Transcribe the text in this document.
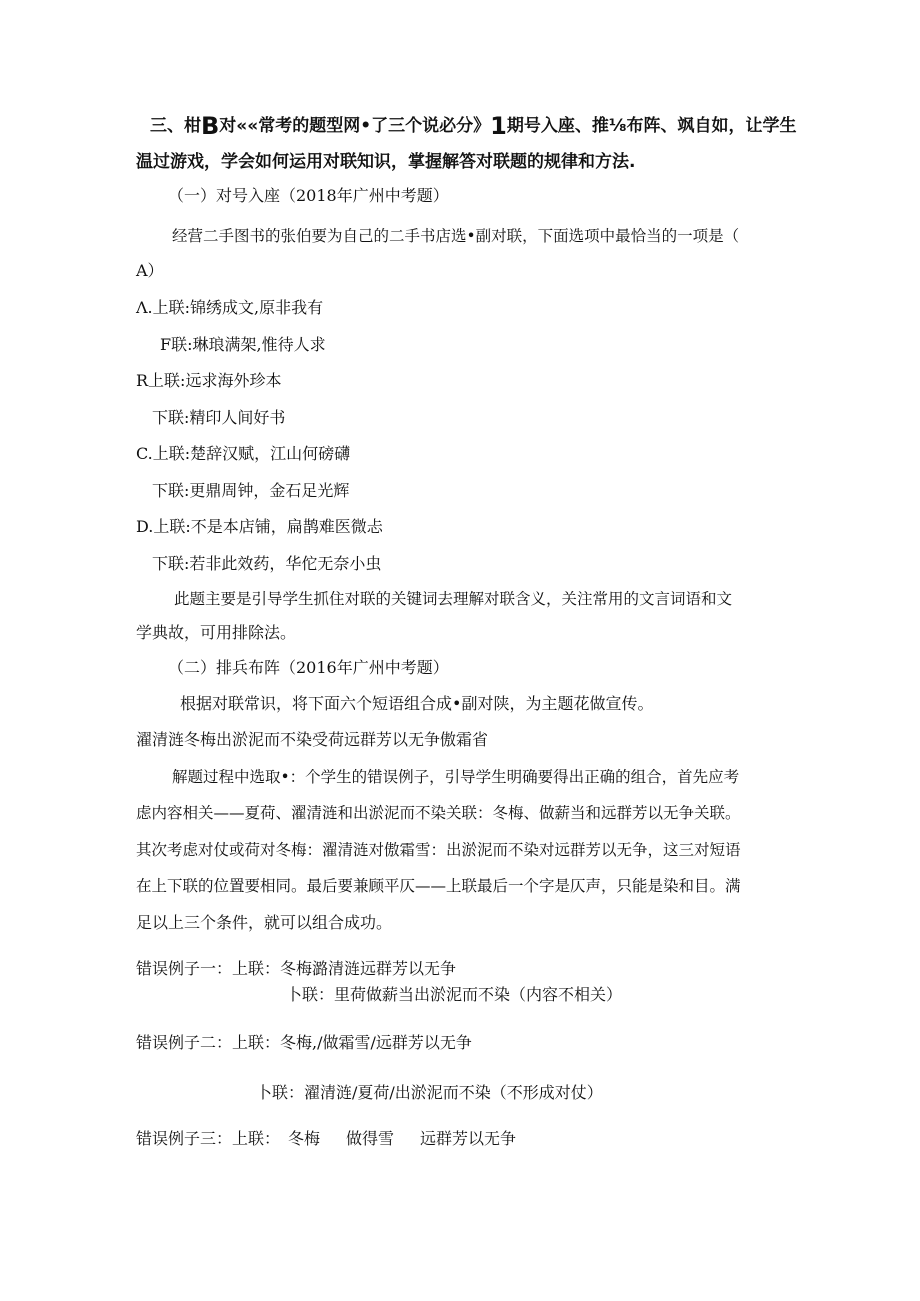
三、柑B对««常考的题型网•了三个说必分》1期号入座、推⅛布阵、飒自如，让学生
温过游戏，学会如何运用对联知识，掌握解答对联题的规律和方法.
（一）对号入座（2018年广州中考题）
经营二手图书的张伯要为自己的二手书店选•副对联，下面选项中最恰当的一项是（
A）
Λ.上联:锦绣成文,原非我有
F联:琳琅满架,惟待人求
R上联:远求海外珍本
下联:精印人间好书
C.上联:楚辞汉赋，江山何磅礴
下联:更鼎周钟，金石足光辉
D.上联:不是本店铺，扁鹊难医微忐
下联:若非此效药，华佗无奈小虫
此题主要是引导学生抓住对联的关键词去理解对联含义，关注常用的文言词语和文
学典故，可用排除法。
（二）排兵布阵（2016年广州中考题）
根据对联常识，将下面六个短语组合成•副对陕，为主题花做宣传。
濯清涟冬梅出淤泥而不染受荷远群芳以无争傲霜省
解题过程中选取•：个学生的错误例子，引导学生明确要得出正确的组合，首先应考
虑内容相关——夏荷、濯清涟和出淤泥而不染关联：冬梅、做薪当和远群芳以无争关联。
其次考虑对仗或荷对冬梅：濯清涟对傲霜雪：出淤泥而不染对远群芳以无争，这三对短语
在上下联的位置要相同。最后要兼顾平仄——上联最后一个字是仄声，只能是染和目。满
足以上三个条件，就可以组合成功。
错误例子一：上联：冬梅潞清涟远群芳以无争
卜联：里荷做薪当出淤泥而不染（内容不相关）
错误例子二：上联：冬梅,/做霜雪/远群芳以无争
卜联：濯清涟/夏荷/出淤泥而不染（不形成对仗）
错误例子三：上联： 冬梅 做得雪 远群芳以无争
